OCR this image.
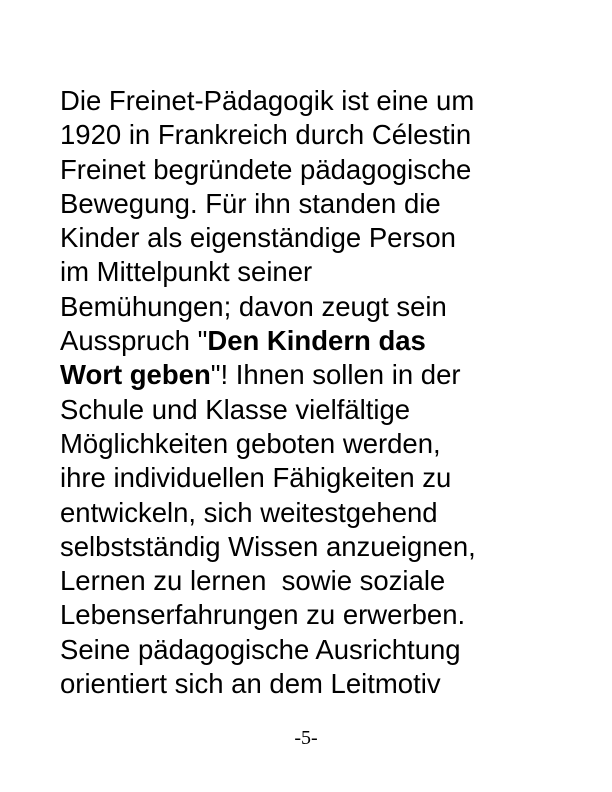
Die Freinet-Pädagogik ist eine um
1920 in Frankreich durch Célestin
Freinet begründete pädagogische
Bewegung. Für ihn standen die
Kinder als eigenständige Person
im Mittelpunkt seiner
Bemühungen; davon zeugt sein
Ausspruch "Den Kindern das
Wort geben"! Ihnen sollen in der
Schule und Klasse vielfältige
Möglichkeiten geboten werden,
ihre individuellen Fähigkeiten zu
entwickeln, sich weitestgehend
selbstständig Wissen anzueignen,
Lernen zu lernen  sowie soziale
Lebenserfahrungen zu erwerben.
Seine pädagogische Ausrichtung
orientiert sich an dem Leitmotiv
-5-
